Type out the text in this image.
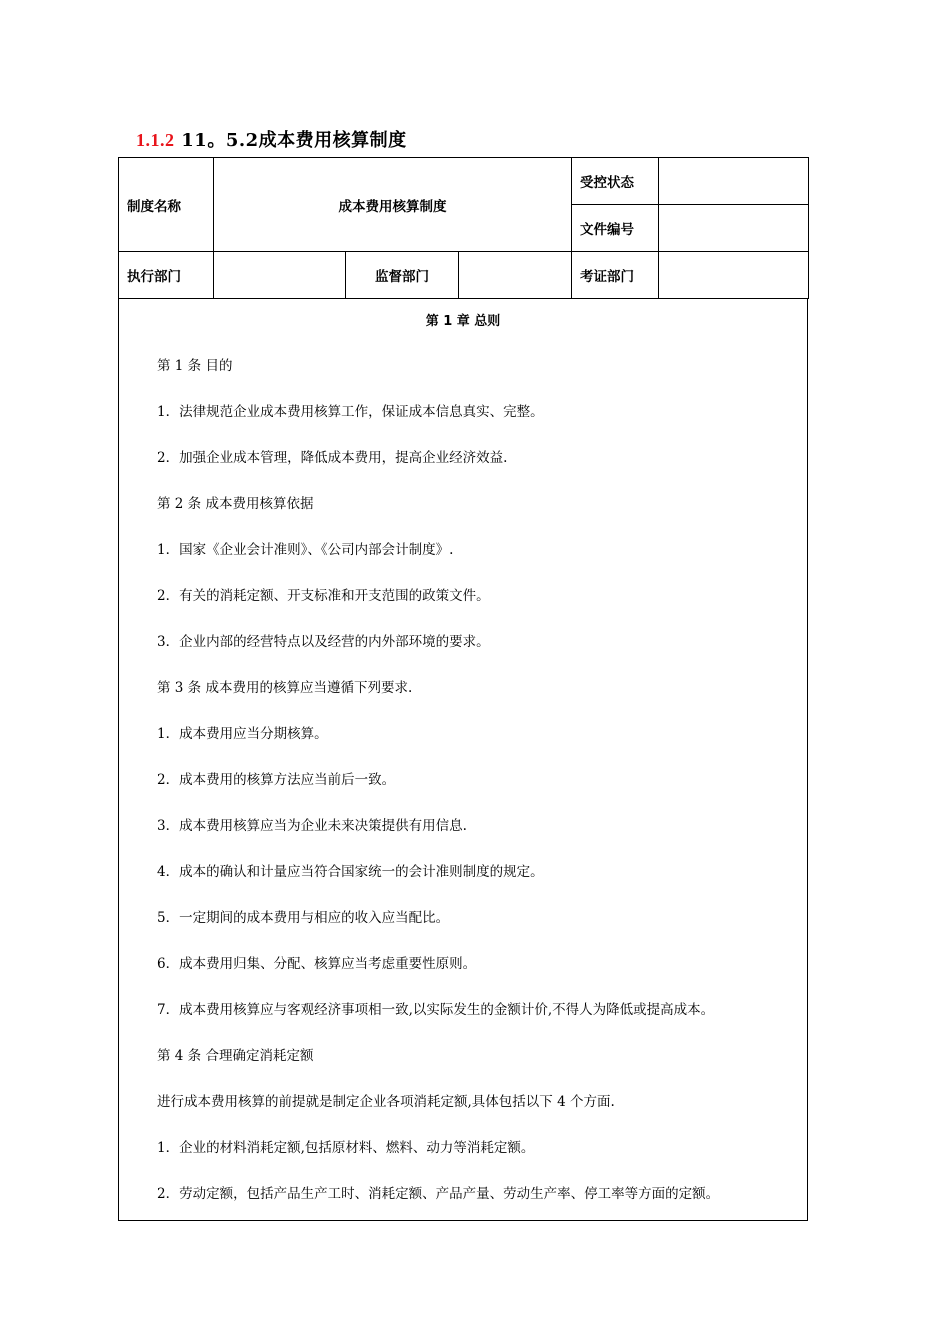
1.1.2 11。5.2成本费用核算制度
制度名称	成本费用核算制度			受控状态	
				文件编号	
执行部门		监督部门		考证部门	
第 1 章 总则
第 1 条 目的
1．法律规范企业成本费用核算工作，保证成本信息真实、完整。
2．加强企业成本管理，降低成本费用，提高企业经济效益.
第 2 条 成本费用核算依据
1．国家《企业会计准则》、《公司内部会计制度》.
2．有关的消耗定额、开支标准和开支范围的政策文件。
3．企业内部的经营特点以及经营的内外部环境的要求。
第 3 条 成本费用的核算应当遵循下列要求.
1．成本费用应当分期核算。
2．成本费用的核算方法应当前后一致。
3．成本费用核算应当为企业未来决策提供有用信息.
4．成本的确认和计量应当符合国家统一的会计准则制度的规定。
5．一定期间的成本费用与相应的收入应当配比。
6．成本费用归集、分配、核算应当考虑重要性原则。
7．成本费用核算应与客观经济事项相一致,以实际发生的金额计价,不得人为降低或提高成本。
第 4 条 合理确定消耗定额
进行成本费用核算的前提就是制定企业各项消耗定额,具体包括以下 4 个方面.
1．企业的材料消耗定额,包括原材料、燃料、动力等消耗定额。
2．劳动定额，包括产品生产工时、消耗定额、产品产量、劳动生产率、停工率等方面的定额。
